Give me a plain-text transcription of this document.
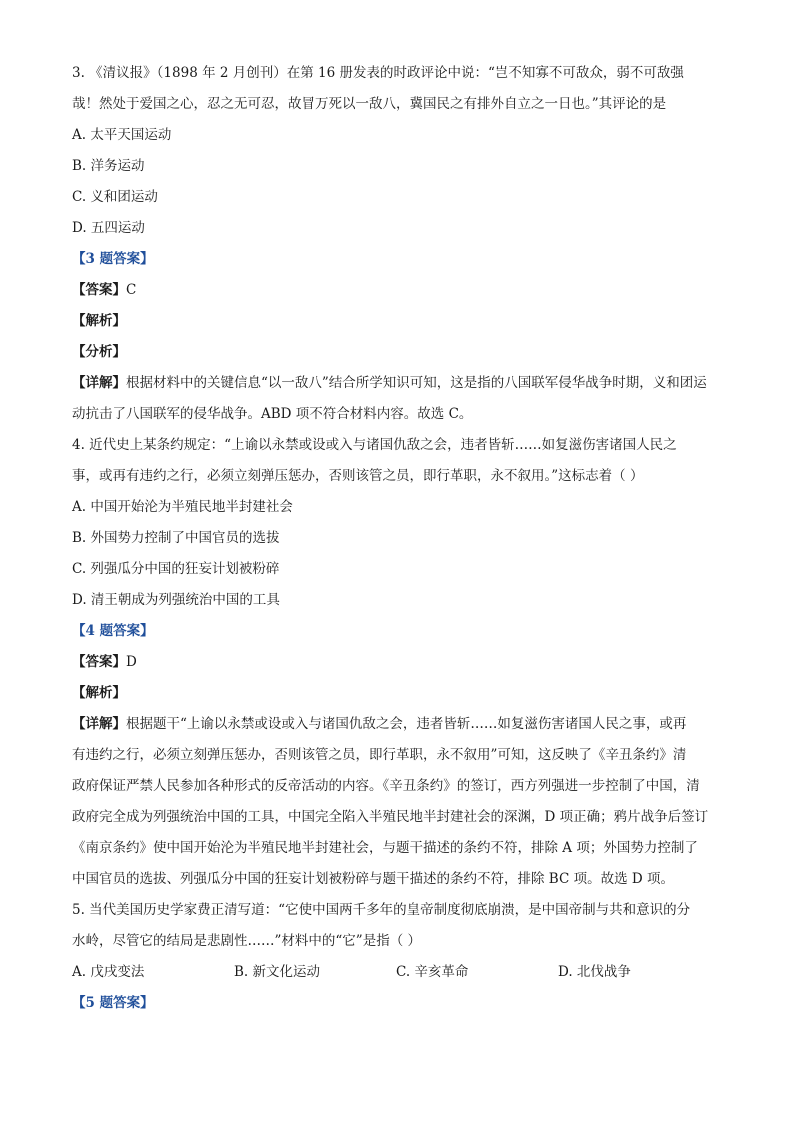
3. 《清议报》（1898 年 2 月创刊）在第 16 册发表的时政评论中说：“岂不知寡不可敌众，弱不可敌强
哉！然处于爱国之心，忍之无可忍，故冒万死以一敌八，冀国民之有排外自立之一日也。”其评论的是
A. 太平天国运动
B. 洋务运动
C. 义和团运动
D. 五四运动
【3 题答案】
【答案】C
【解析】
【分析】
【详解】根据材料中的关键信息“以一敌八”结合所学知识可知，这是指的八国联军侵华战争时期，义和团运
动抗击了八国联军的侵华战争。ABD 项不符合材料内容。故选 C。
4. 近代史上某条约规定：“上谕以永禁或设或入与诸国仇敌之会，违者皆斩……如复滋伤害诸国人民之
事，或再有违约之行，必须立刻弹压惩办，否则该管之员，即行革职，永不叙用。”这标志着（ ）
A. 中国开始沦为半殖民地半封建社会
B. 外国势力控制了中国官员的选拔
C. 列强瓜分中国的狂妄计划被粉碎
D. 清王朝成为列强统治中国的工具
【4 题答案】
【答案】D
【解析】
【详解】根据题干“上谕以永禁或设或入与诸国仇敌之会，违者皆斩……如复滋伤害诸国人民之事，或再
有违约之行，必须立刻弹压惩办，否则该管之员，即行革职，永不叙用”可知，这反映了《辛丑条约》清
政府保证严禁人民参加各种形式的反帝活动的内容。《辛丑条约》的签订，西方列强进一步控制了中国，清
政府完全成为列强统治中国的工具，中国完全陷入半殖民地半封建社会的深渊，D 项正确；鸦片战争后签订
《南京条约》使中国开始沦为半殖民地半封建社会，与题干描述的条约不符，排除 A 项；外国势力控制了
中国官员的选拔、列强瓜分中国的狂妄计划被粉碎与题干描述的条约不符，排除 BC 项。故选 D 项。
5. 当代美国历史学家费正清写道：“它使中国两千多年的皇帝制度彻底崩溃，是中国帝制与共和意识的分
水岭，尽管它的结局是悲剧性……”材料中的“它”是指（ ）
A. 戊戌变法	B. 新文化运动	C. 辛亥革命	D. 北伐战争
【5 题答案】
